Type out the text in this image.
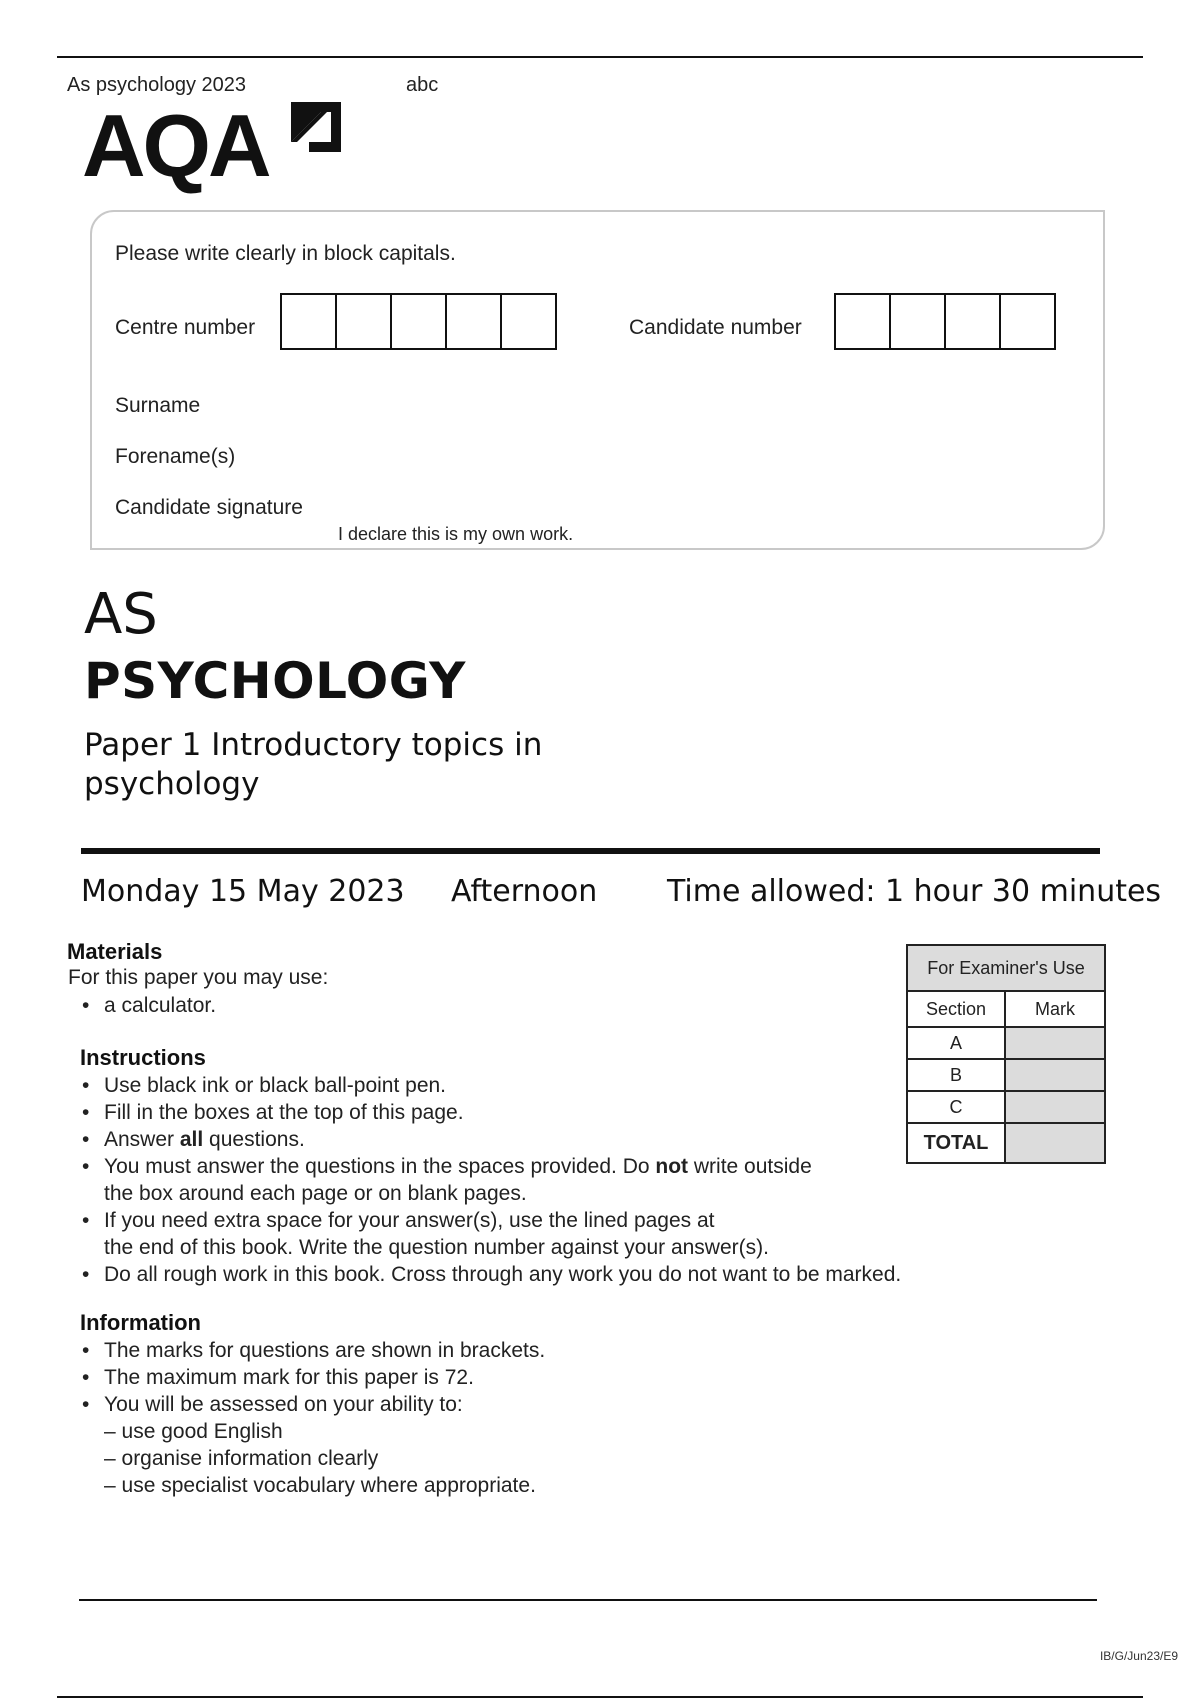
As psychology 2023	abc
AQA
Please write clearly in block capitals.
Centre number	Candidate number
Surname
Forename(s)
Candidate signature
I declare this is my own work.
AS
PSYCHOLOGY
Paper 1 Introductory topics in psychology
Monday 15 May 2023 Afternoon Time allowed: 1 hour 30 minutes
Materials
For this paper you may use:
• a calculator.
Instructions
• Use black ink or black ball-point pen.
• Fill in the boxes at the top of this page.
• Answer all questions.
• You must answer the questions in the spaces provided. Do not write outside
the box around each page or on blank pages.
• If you need extra space for your answer(s), use the lined pages at
the end of this book. Write the question number against your answer(s).
• Do all rough work in this book. Cross through any work you do not want to be marked.
Information
• The marks for questions are shown in brackets.
• The maximum mark for this paper is 72.
• You will be assessed on your ability to:
– use good English
– organise information clearly
– use specialist vocabulary where appropriate.
For Examiner's Use	
Section	Mark
A	
B	
C	
TOTAL	
IB/G/Jun23/E9
